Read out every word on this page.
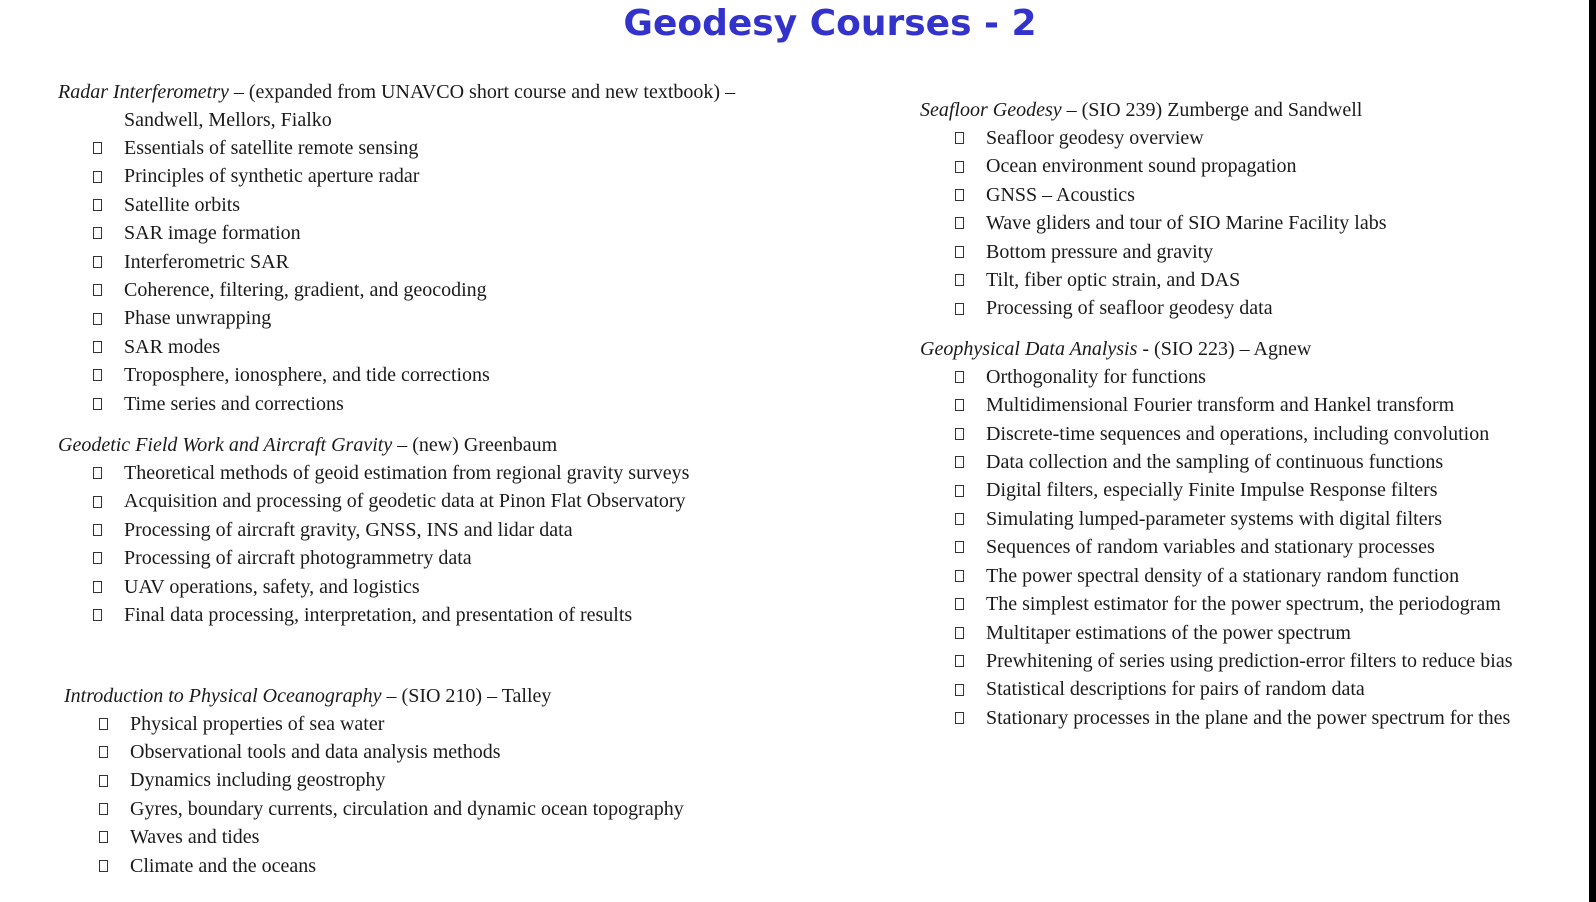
Geodesy Courses - 2
Radar Interferometry – (expanded from UNAVCO short course and new textbook) –
Sandwell, Mellors, Fialko
Essentials of satellite remote sensing
Principles of synthetic aperture radar
Satellite orbits
SAR image formation
Interferometric SAR
Coherence, filtering, gradient, and geocoding
Phase unwrapping
SAR modes
Troposphere, ionosphere, and tide corrections
Time series and corrections
Geodetic Field Work and Aircraft Gravity – (new) Greenbaum
Theoretical methods of geoid estimation from regional gravity surveys
Acquisition and processing of geodetic data at Pinon Flat Observatory
Processing of aircraft gravity, GNSS, INS and lidar data
Processing of aircraft photogrammetry data
UAV operations, safety, and logistics
Final data processing, interpretation, and presentation of results
Introduction to Physical Oceanography – (SIO 210) – Talley
Physical properties of sea water
Observational tools and data analysis methods
Dynamics including geostrophy
Gyres, boundary currents, circulation and dynamic ocean topography
Waves and tides
Climate and the oceans
Seafloor Geodesy – (SIO 239) Zumberge and Sandwell
Seafloor geodesy overview
Ocean environment sound propagation
GNSS – Acoustics
Wave gliders and tour of SIO Marine Facility labs
Bottom pressure and gravity
Tilt, fiber optic strain, and DAS
Processing of seafloor geodesy data
Geophysical Data Analysis - (SIO 223) – Agnew
Orthogonality for functions
Multidimensional Fourier transform and Hankel transform
Discrete-time sequences and operations, including convolution
Data collection and the sampling of continuous functions
Digital filters, especially Finite Impulse Response filters
Simulating lumped-parameter systems with digital filters
Sequences of random variables and stationary processes
The power spectral density of a stationary random function
The simplest estimator for the power spectrum, the periodogram
Multitaper estimations of the power spectrum
Prewhitening of series using prediction-error filters to reduce bias
Statistical descriptions for pairs of random data
Stationary processes in the plane and the power spectrum for thes
